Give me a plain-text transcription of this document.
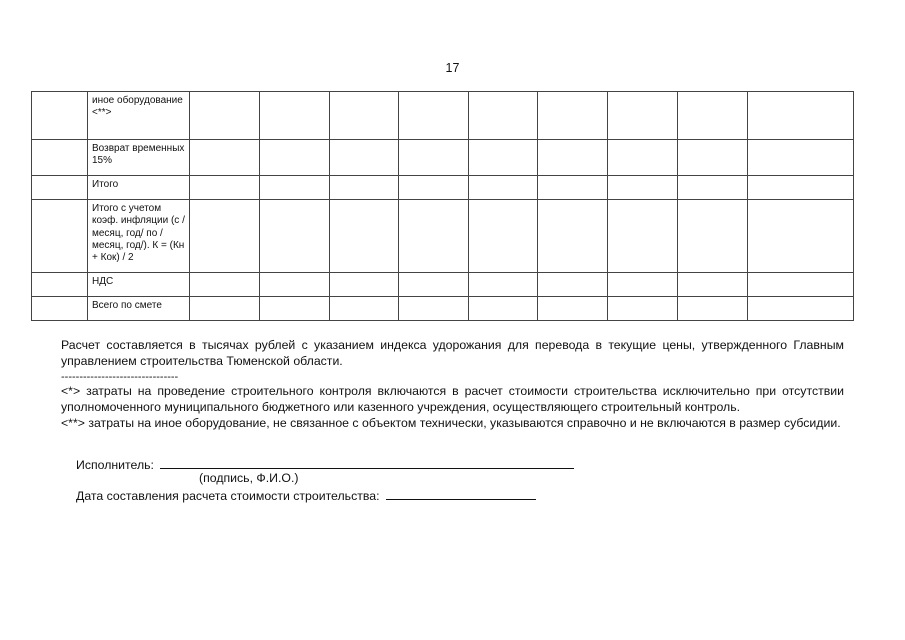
17
	иное оборудование <**>									
	Возврат временных 15%									
	Итого									
	Итого с учетом коэф. инфляции (с /месяц, год/ по /месяц, год/). К = (Кн + Кок) / 2									
	НДС									
	Всего по смете									

Расчет составляется в тысячах рублей с указанием индекса удорожания для перевода в текущие цены, утвержденного Главным управлением строительства Тюменской области.

--------------------------------

<*> затраты на проведение строительного контроля включаются в расчет стоимости строительства исключительно при отсутствии уполномоченного муниципального бюджетного или казенного учреждения, осуществляющего строительный контроль.

<**> затраты на иное оборудование, не связанное с объектом технически, указываются справочно и не включаются в размер субсидии.

Исполнитель:
(подпись, Ф.И.О.)
Дата составления расчета стоимости строительства:
